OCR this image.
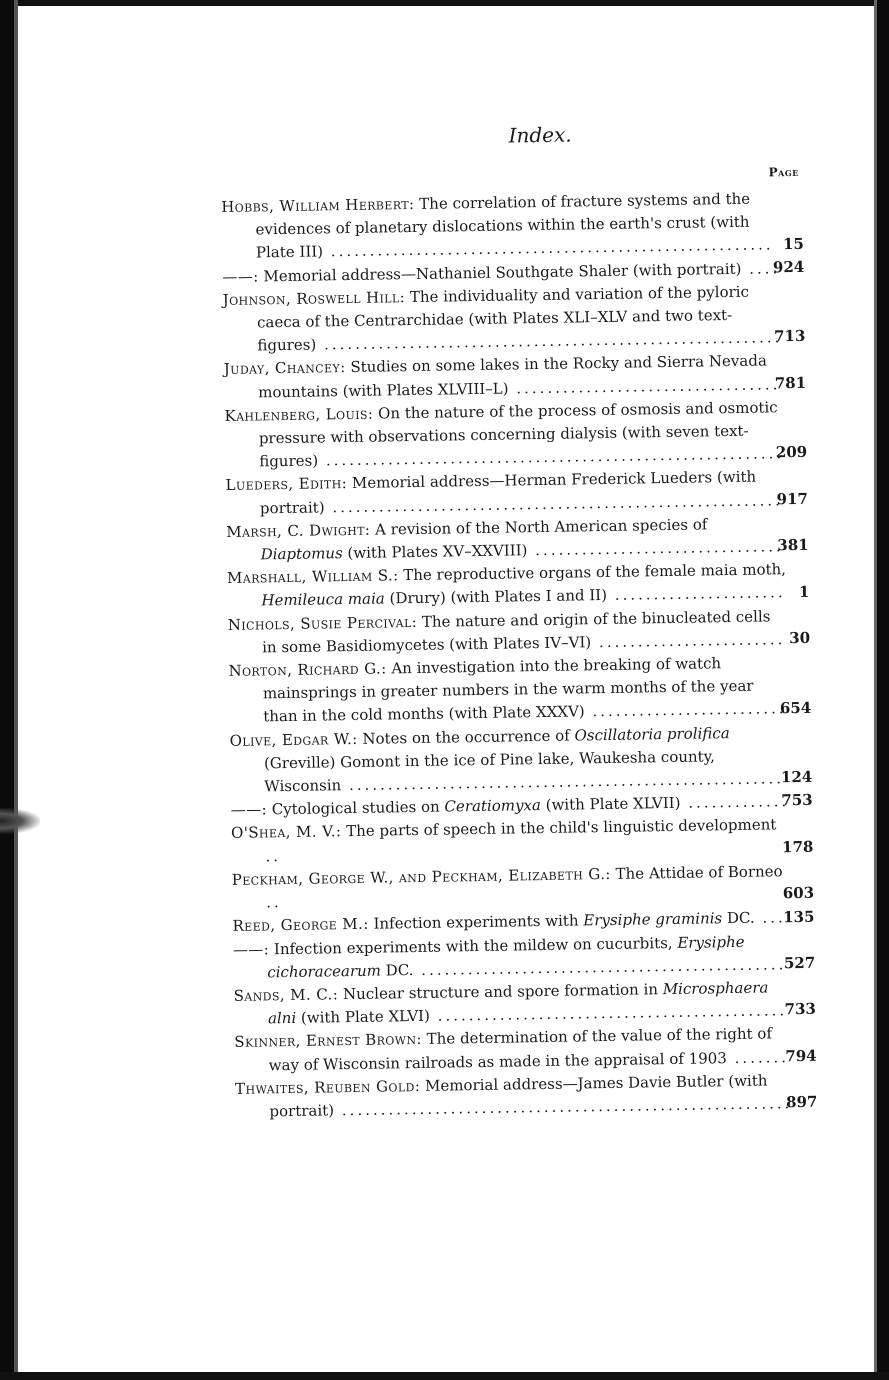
Index.
Page
Hobbs, William Herbert: The correlation of fracture systems and the evidences of planetary dislocations within the earth's crust (with Plate III) ......................................................... 15
——: Memorial address—Nathaniel Southgate Shaler (with portrait) ....
924
Johnson, Roswell Hill: The individuality and variation of the pyloric caeca of the Centrarchidae (with Plates XLI–XLV and two text-figures) ...........................................................
713
Juday, Chancey: Studies on some lakes in the Rocky and Sierra Nevada mountains (with Plates XLVIII–L) ..................................
781
Kahlenberg, Louis: On the nature of the process of osmosis and osmotic pressure with observations concerning dialysis (with seven text-figures) ...........................................................
209
Lueders, Edith: Memorial address—Herman Frederick Lueders (with portrait) ..........................................................
917
Marsh, C. Dwight: A revision of the North American species of Diaptomus (with Plates XV–XXVIII) ................................
381
Marshall, William S.: The reproductive organs of the female maia moth, Hemileuca maia (Drury) (with Plates I and II) ...................... 1
Nichols, Susie Percival: The nature and origin of the binucleated cells in some Basidiomycetes (with Plates IV–VI) ........................ 30
Norton, Richard G.: An investigation into the breaking of watch mainsprings in greater numbers in the warm months of the year than in the cold months (with Plate XXXV) .........................
654
Olive, Edgar W.: Notes on the occurrence of Oscillatoria prolifica (Greville) Gomont in the ice of Pine lake, Waukesha county, Wisconsin ........................................................
124
——: Cytological studies on Ceratiomyxa (with Plate XLVII) .............
753
O'Shea, M. V.: The parts of speech in the child's linguistic development ..	178
Peckham, George W., and Peckham, Elizabeth G.: The Attidae of Borneo ..	603
Reed, George M.: Infection experiments with Erysiphe graminis DC. ...
135
——: Infection experiments with the mildew on cucurbits, Erysiphe cichoracearum DC. ...............................................
527
Sands, M. C.: Nuclear structure and spore formation in Microsphaera alni (with Plate XLVI) .............................................
733
Skinner, Ernest Brown: The determination of the value of the right of way of Wisconsin railroads as made in the appraisal of 1903 .......
794
Thwaites, Reuben Gold: Memorial address—James Davie Butler (with portrait) ..........................................................
897
